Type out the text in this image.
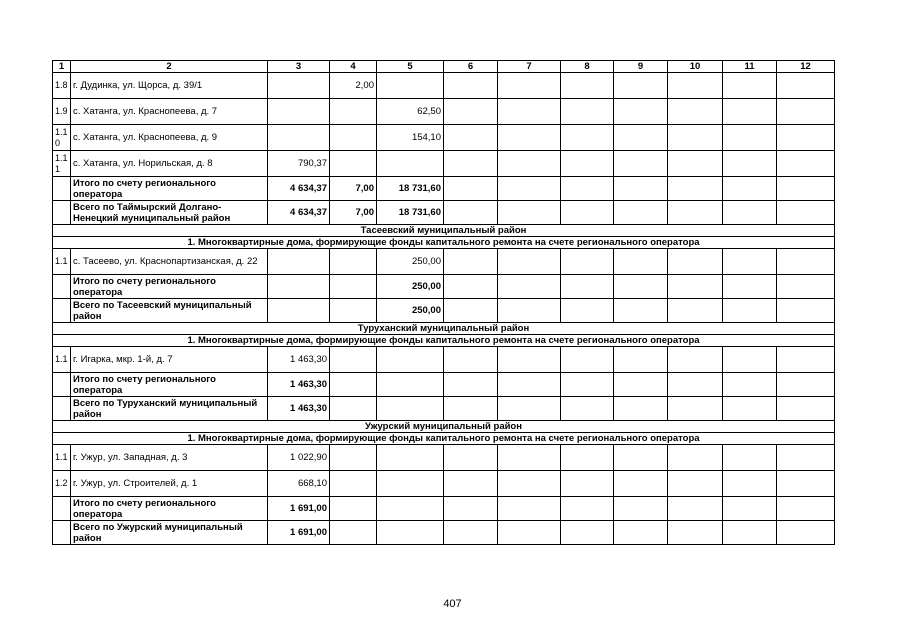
1	2	3	4	5	6	7	8	9	10	11	12
1.8	г. Дудинка, ул. Щорса, д. 39/1		2,00								
1.9	с. Хатанга, ул. Краснопеева, д. 7			62,50							
1.1 0	с. Хатанга, ул. Краснопеева, д. 9			154,10							
1.1 1	с. Хатанга, ул. Норильская, д. 8	790,37									
	Итого по счету регионального оператора	4 634,37	7,00	18 731,60							
	Всего по Таймырский Долгано-Ненецкий муниципальный район	4 634,37	7,00	18 731,60							
Тасеевский муниципальный район											
1. Многоквартирные дома, формирующие фонды капитального ремонта на счете регионального оператора											
1.1	с. Тасеево, ул. Краснопартизанская, д. 22			250,00							
	Итого по счету регионального оператора			250,00							
	Всего по Тасеевский муниципальный район			250,00							
Туруханский муниципальный район											
1. Многоквартирные дома, формирующие фонды капитального ремонта на счете регионального оператора											
1.1	г. Игарка, мкр. 1-й, д. 7	1 463,30									
	Итого по счету регионального оператора	1 463,30									
	Всего по Туруханский муниципальный район	1 463,30									
Ужурский муниципальный район											
1. Многоквартирные дома, формирующие фонды капитального ремонта на счете регионального оператора											
1.1	г. Ужур, ул. Западная, д. 3	1 022,90									
1.2	г. Ужур, ул. Строителей, д. 1	668,10									
	Итого по счету регионального оператора	1 691,00									
	Всего по Ужурский муниципальный район	1 691,00									
407
